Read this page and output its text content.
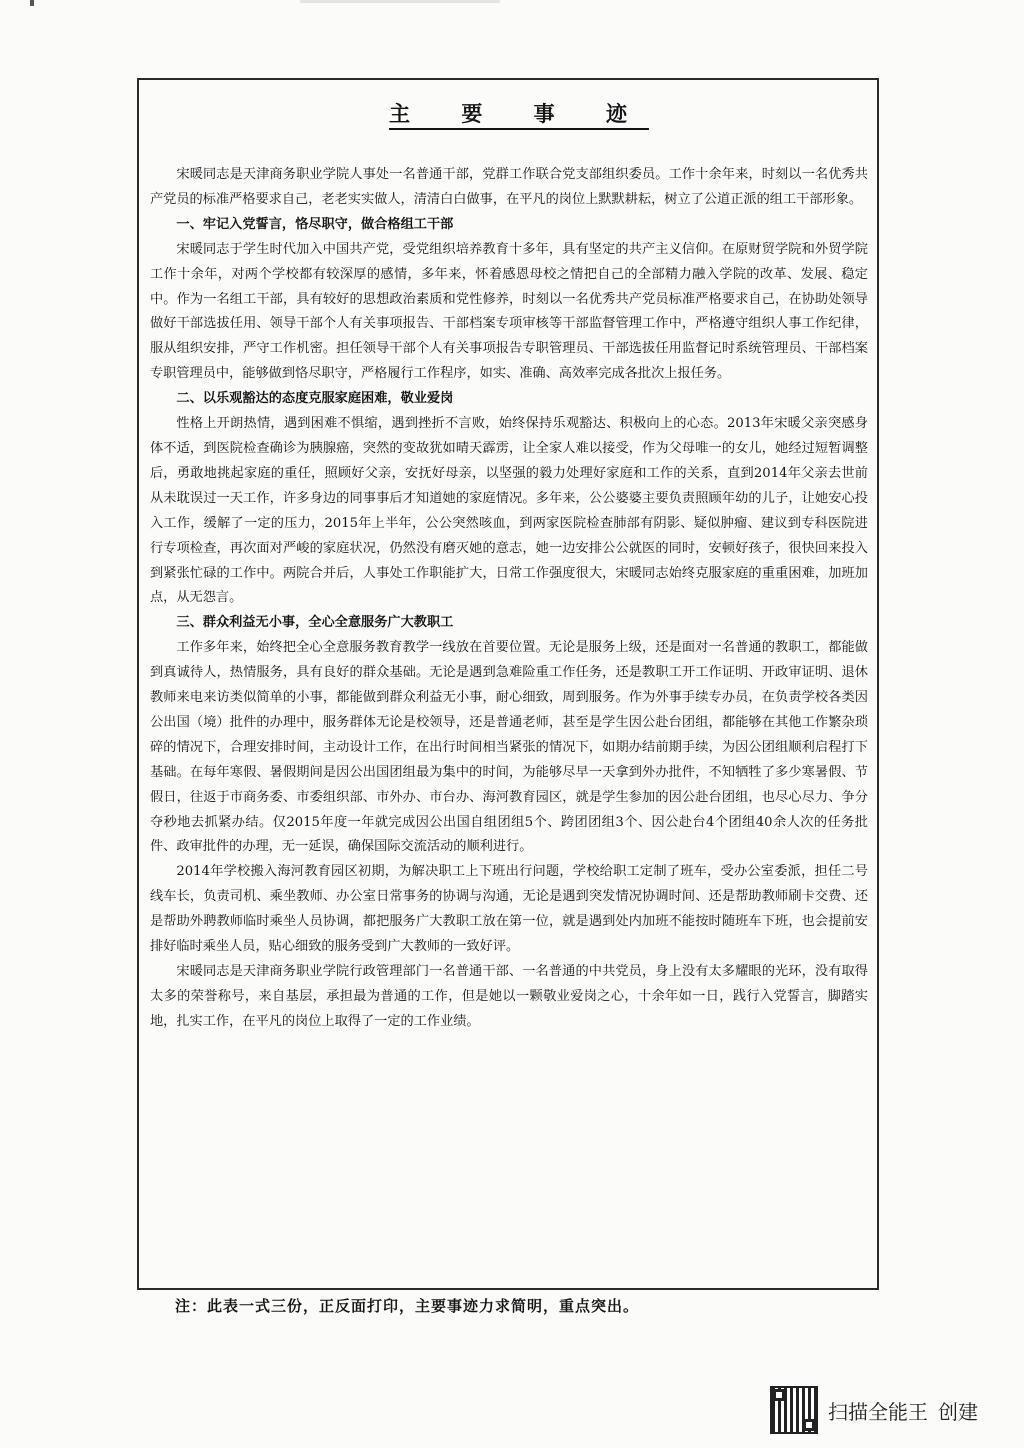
主 要 事 迹

宋暖同志是天津商务职业学院人事处一名普通干部，党群工作联合党支部组织委员。工作十余年来，时刻以一名优秀共产党员的标准严格要求自己，老老实实做人，清清白白做事，在平凡的岗位上默默耕耘，树立了公道正派的组工干部形象。

一、牢记入党誓言，恪尽职守，做合格组工干部

宋暖同志于学生时代加入中国共产党，受党组织培养教育十多年，具有坚定的共产主义信仰。在原财贸学院和外贸学院工作十余年，对两个学校都有较深厚的感情，多年来，怀着感恩母校之情把自己的全部精力融入学院的改革、发展、稳定中。作为一名组工干部，具有较好的思想政治素质和党性修养，时刻以一名优秀共产党员标准严格要求自己，在协助处领导做好干部选拔任用、领导干部个人有关事项报告、干部档案专项审核等干部监督管理工作中，严格遵守组织人事工作纪律，服从组织安排，严守工作机密。担任领导干部个人有关事项报告专职管理员、干部选拔任用监督记时系统管理员、干部档案专职管理员中，能够做到恪尽职守，严格履行工作程序，如实、准确、高效率完成各批次上报任务。

二、以乐观豁达的态度克服家庭困难，敬业爱岗

性格上开朗热情，遇到困难不惧缩，遇到挫折不言败，始终保持乐观豁达、积极向上的心态。2013年宋暖父亲突感身体不适，到医院检查确诊为胰腺癌，突然的变故犹如晴天霹雳，让全家人难以接受，作为父母唯一的女儿，她经过短暂调整后，勇敢地挑起家庭的重任，照顾好父亲，安抚好母亲，以坚强的毅力处理好家庭和工作的关系，直到2014年父亲去世前从未耽误过一天工作，许多身边的同事事后才知道她的家庭情况。多年来，公公婆婆主要负责照顾年幼的儿子，让她安心投入工作，缓解了一定的压力，2015年上半年，公公突然咳血，到两家医院检查肺部有阴影、疑似肿瘤、建议到专科医院进行专项检查，再次面对严峻的家庭状况，仍然没有磨灭她的意志，她一边安排公公就医的同时，安顿好孩子，很快回来投入到紧张忙碌的工作中。两院合并后，人事处工作职能扩大，日常工作强度很大，宋暖同志始终克服家庭的重重困难，加班加点，从无怨言。

三、群众利益无小事，全心全意服务广大教职工

工作多年来，始终把全心全意服务教育教学一线放在首要位置。无论是服务上级，还是面对一名普通的教职工，都能做到真诚待人，热情服务，具有良好的群众基础。无论是遇到急难险重工作任务，还是教职工开工作证明、开政审证明、退休教师来电来访类似简单的小事，都能做到群众利益无小事，耐心细致，周到服务。作为外事手续专办员，在负责学校各类因公出国（境）批件的办理中，服务群体无论是校领导，还是普通老师，甚至是学生因公赴台团组，都能够在其他工作繁杂琐碎的情况下，合理安排时间，主动设计工作，在出行时间相当紧张的情况下，如期办结前期手续，为因公团组顺利启程打下基础。在每年寒假、暑假期间是因公出国团组最为集中的时间，为能够尽早一天拿到外办批件，不知牺牲了多少寒暑假、节假日，往返于市商务委、市委组织部、市外办、市台办、海河教育园区，就是学生参加的因公赴台团组，也尽心尽力、争分夺秒地去抓紧办结。仅2015年度一年就完成因公出国自组团组5个、跨团团组3个、因公赴台4个团组40余人次的任务批件、政审批件的办理，无一延误，确保国际交流活动的顺利进行。

2014年学校搬入海河教育园区初期，为解决职工上下班出行问题，学校给职工定制了班车，受办公室委派，担任二号线车长，负责司机、乘坐教师、办公室日常事务的协调与沟通，无论是遇到突发情况协调时间、还是帮助教师刷卡交费、还是帮助外聘教师临时乘坐人员协调，都把服务广大教职工放在第一位，就是遇到处内加班不能按时随班车下班，也会提前安排好临时乘坐人员，贴心细致的服务受到广大教师的一致好评。

宋暖同志是天津商务职业学院行政管理部门一名普通干部、一名普通的中共党员，身上没有太多耀眼的光环，没有取得太多的荣誉称号，来自基层，承担最为普通的工作，但是她以一颗敬业爱岗之心，十余年如一日，践行入党誓言，脚踏实地，扎实工作，在平凡的岗位上取得了一定的工作业绩。

注：此表一式三份，正反面打印，主要事迹力求简明，重点突出。
扫描全能王 创建
